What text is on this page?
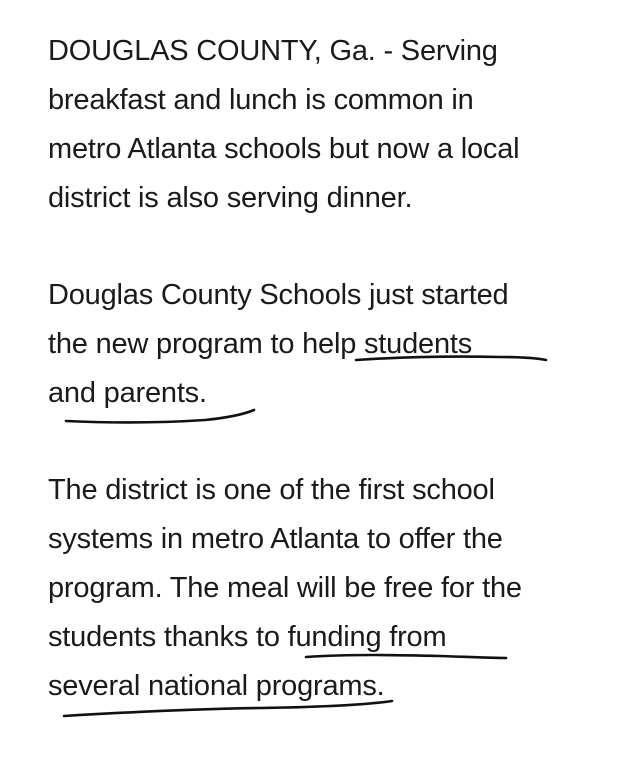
DOUGLAS COUNTY, Ga. - Serving
breakfast and lunch is common in
metro Atlanta schools but now a local
district is also serving dinner.

Douglas County Schools just started
the new program to help students
and parents.

The district is one of the first school
systems in metro Atlanta to offer the
program. The meal will be free for the
students thanks to funding from
several national programs.
